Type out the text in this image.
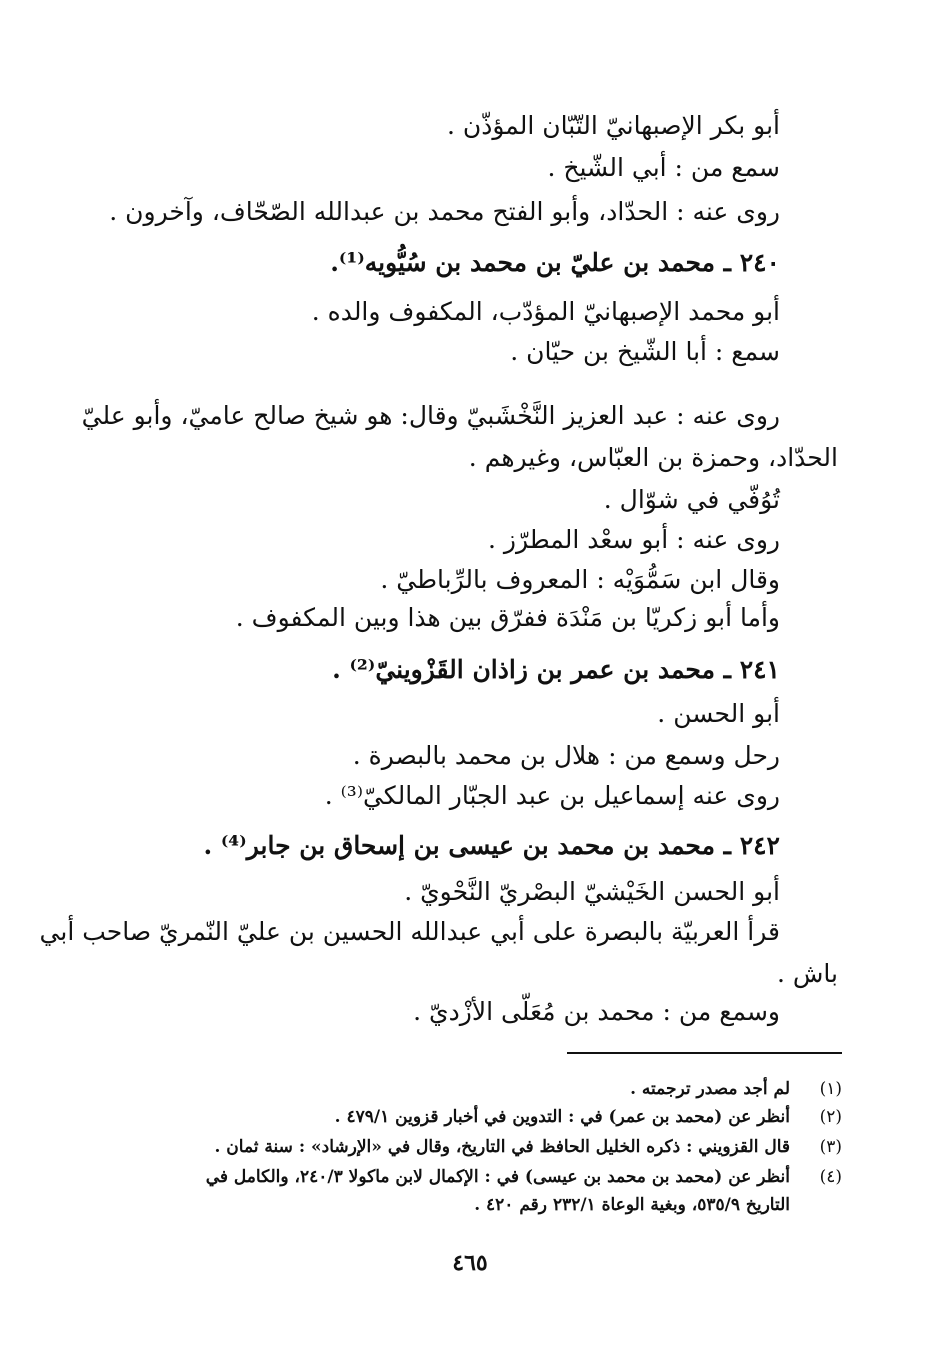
أبو بكر الإصبهانيّ التّبّان المؤذّن .
سمع من : أبي الشّيخ .
روى عنه : الحدّاد، وأبو الفتح محمد بن عبدالله الصّحّاف، وآخرون .
٢٤٠ ـ محمد بن عليّ بن محمد بن سُيُّويه⁽¹⁾.
أبو محمد الإصبهانيّ المؤدّب، المكفوف والده .
سمع : أبا الشّيخ بن حيّان .
روى عنه : عبد العزيز النَّخْشَبيّ وقال: هو شيخ صالح عاميّ، وأبو عليّ
الحدّاد، وحمزة بن العبّاس، وغيرهم .
تُوُفّي في شوّال .
روى عنه : أبو سعْد المطرّز .
وقال ابن سَمُّوَيْه : المعروف بالرِّباطيّ .
وأما أبو زكريّا بن مَنْدَة ففرّق بين هذا وبين المكفوف .
٢٤١ ـ محمد بن عمر بن زاذان القَزْوينيّ⁽²⁾ .
أبو الحسن .
رحل وسمع من : هلال بن محمد بالبصرة .
روى عنه إسماعيل بن عبد الجبّار المالكيّ⁽³⁾ .
٢٤٢ ـ محمد بن محمد بن عيسى بن إسحاق بن جابر⁽⁴⁾ .
أبو الحسن الخَيْشيّ البصْريّ النَّحْويّ .
قرأ العربيّة بالبصرة على أبي عبدالله الحسين بن عليّ النّمريّ صاحب أبي
باش .
وسمع من : محمد بن مُعَلّى الأزْديّ .
(١)
لم أجد مصدر ترجمته .
(٢)
أنظر عن (محمد بن عمر) في : التدوين في أخبار قزوين ٤٧٩/١ .
(٣)
قال القزويني : ذكره الخليل الحافظ في التاريخ، وقال في «الإرشاد» : سنة ثمان .
(٤)
أنظر عن (محمد بن محمد بن عيسى) في : الإكمال لابن ماكولا ٢٤٠/٣، والكامل في
التاريخ ٥٣٥/٩، وبغية الوعاة ٢٣٢/١ رقم ٤٢٠ .
٤٦٥
